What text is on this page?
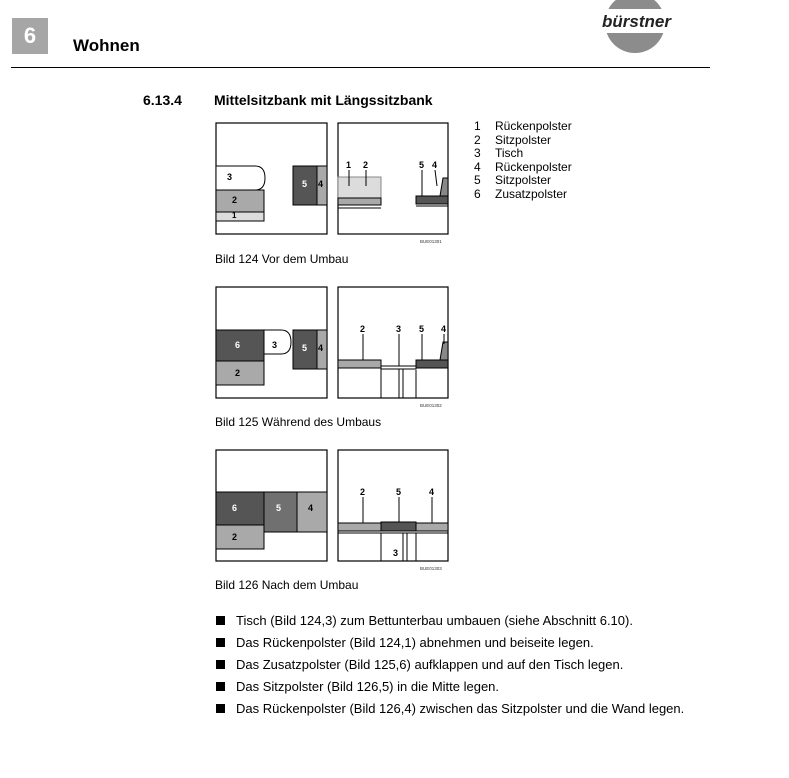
6	Wohnen
bürstner
6.13.4 Mittelsitzbank mit Längssitzbank
BUE01301
3
2
1
5 4
1 2	5 4
Bild 124 Vor dem Umbau
BUE01302
6	3
2
5 4
2	3 5 4
Bild 125 Während des Umbaus
BUE01303
6	5	4
2
2	5	4
3
Bild 126 Nach dem Umbau
1	Rückenpolster
2	Sitzpolster
3	Tisch
4	Rückenpolster
5	Sitzpolster
6	Zusatzpolster
Tisch (Bild 124,3) zum Bettunterbau umbauen (siehe Abschnitt 6.10).
Das Rückenpolster (Bild 124,1) abnehmen und beiseite legen.
Das Zusatzpolster (Bild 125,6) aufklappen und auf den Tisch legen.
Das Sitzpolster (Bild 126,5) in die Mitte legen.
Das Rückenpolster (Bild 126,4) zwischen das Sitzpolster und die Wand legen.
